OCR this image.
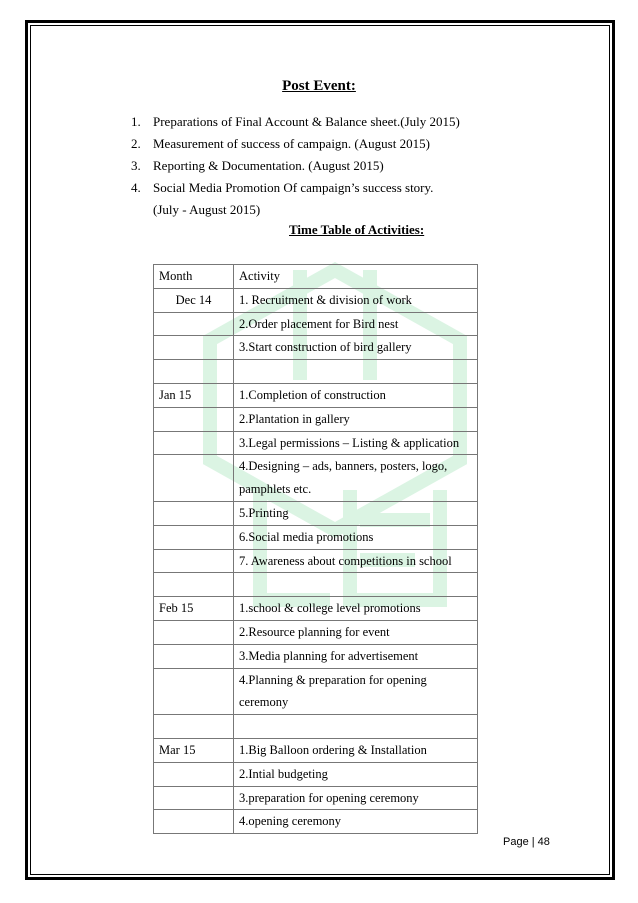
Post Event:
1. Preparations of Final Account & Balance sheet.(July 2015)
2. Measurement of success of campaign. (August 2015)
3. Reporting & Documentation. (August 2015)
4. Social Media Promotion Of campaign’s success story.
(July - August 2015)
Time Table of Activities:
Month	Activity
Dec 14	1. Recruitment & division of work
	2.Order placement for Bird nest
	3.Start construction of bird gallery

Jan 15	1.Completion of construction
	2.Plantation in gallery
	3.Legal permissions – Listing & application
	4.Designing – ads, banners, posters, logo, pamphlets etc.
	5.Printing
	6.Social media promotions
	7. Awareness about competitions in school

Feb 15	1.school & college level promotions
	2.Resource planning for event
	3.Media planning for advertisement
	4.Planning & preparation for opening ceremony

Mar 15	1.Big Balloon ordering & Installation
	2.Intial budgeting
	3.preparation for opening ceremony
	4.opening ceremony
Page | 48
